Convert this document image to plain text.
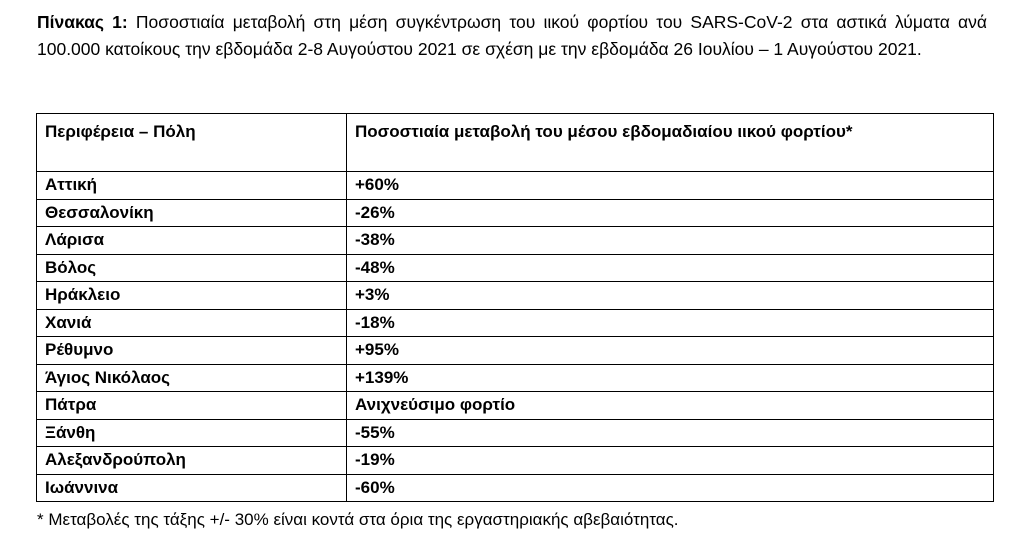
Πίνακας 1: Ποσοστιαία μεταβολή στη μέση συγκέντρωση του ιικού φορτίου του SARS-CoV-2 στα αστικά λύματα ανά 100.000 κατοίκους την εβδομάδα 2-8 Αυγούστου 2021 σε σχέση με την εβδομάδα 26 Ιουλίου – 1 Αυγούστου 2021.

Περιφέρεια – Πόλη	Ποσοστιαία μεταβολή του μέσου εβδομαδιαίου ιικού φορτίου*
Αττική	+60%
Θεσσαλονίκη	-26%
Λάρισα	-38%
Βόλος	-48%
Ηράκλειο	+3%
Χανιά	-18%
Ρέθυμνο	+95%
Άγιος Νικόλαος	+139%
Πάτρα	Ανιχνεύσιμο φορτίο
Ξάνθη	-55%
Αλεξανδρούπολη	-19%
Ιωάννινα	-60%
* Μεταβολές της τάξης +/- 30% είναι κοντά στα όρια της εργαστηριακής αβεβαιότητας.
